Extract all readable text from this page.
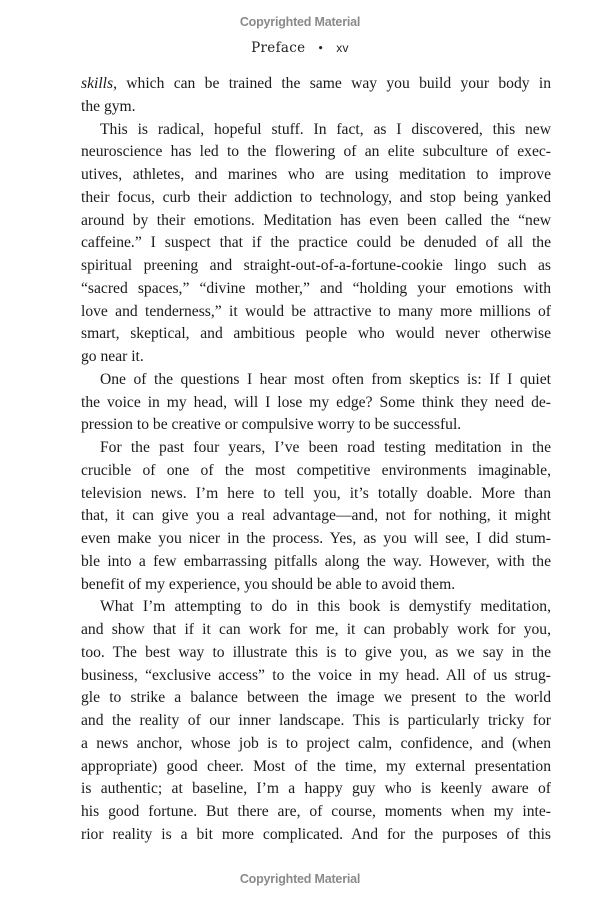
Copyrighted Material
Preface • xv
skills, which can be trained the same way you build your body in
the gym.
This is radical, hopeful stuff. In fact, as I discovered, this new
neuroscience has led to the flowering of an elite subculture of exec-
utives, athletes, and marines who are using meditation to improve
their focus, curb their addiction to technology, and stop being yanked
around by their emotions. Meditation has even been called the “new
caffeine.” I suspect that if the practice could be denuded of all the
spiritual preening and straight-out-of-a-fortune-cookie lingo such as
“sacred spaces,” “divine mother,” and “holding your emotions with
love and tenderness,” it would be attractive to many more millions of
smart, skeptical, and ambitious people who would never otherwise
go near it.
One of the questions I hear most often from skeptics is: If I quiet
the voice in my head, will I lose my edge? Some think they need de-
pression to be creative or compulsive worry to be successful.
For the past four years, I’ve been road testing meditation in the
crucible of one of the most competitive environments imaginable,
television news. I’m here to tell you, it’s totally doable. More than
that, it can give you a real advantage—and, not for nothing, it might
even make you nicer in the process. Yes, as you will see, I did stum-
ble into a few embarrassing pitfalls along the way. However, with the
benefit of my experience, you should be able to avoid them.
What I’m attempting to do in this book is demystify meditation,
and show that if it can work for me, it can probably work for you,
too. The best way to illustrate this is to give you, as we say in the
business, “exclusive access” to the voice in my head. All of us strug-
gle to strike a balance between the image we present to the world
and the reality of our inner landscape. This is particularly tricky for
a news anchor, whose job is to project calm, confidence, and (when
appropriate) good cheer. Most of the time, my external presentation
is authentic; at baseline, I’m a happy guy who is keenly aware of
his good fortune. But there are, of course, moments when my inte-
rior reality is a bit more complicated. And for the purposes of this
Copyrighted Material
